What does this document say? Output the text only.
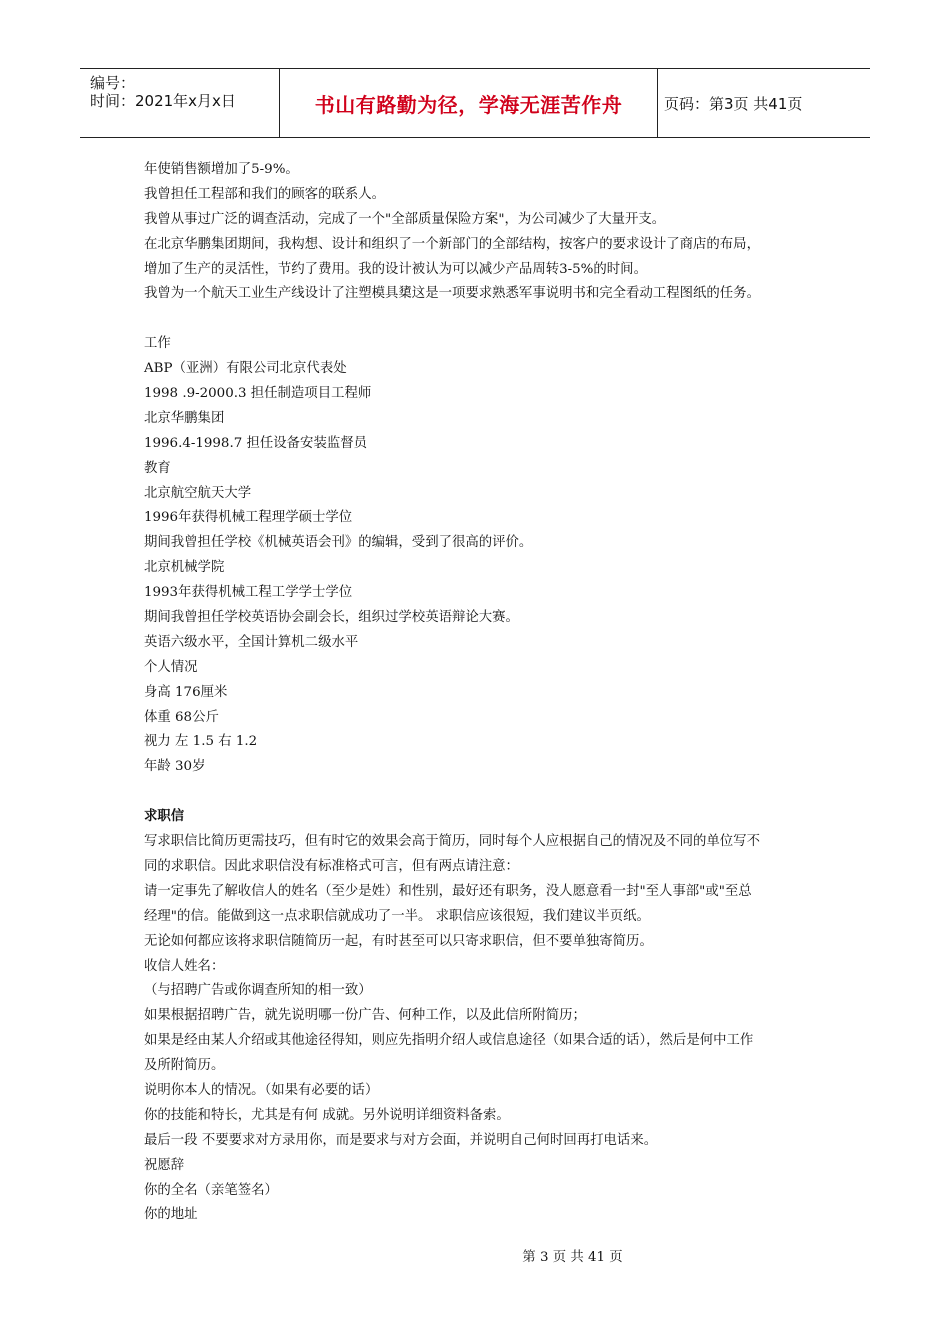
编号：
时间：2021年x月x日	书山有路勤为径，学海无涯苦作舟	页码：第3页 共41页
年使销售额增加了5-9%。
我曾担任工程部和我们的顾客的联系人。
我曾从事过广泛的调查活动，完成了一个"全部质量保险方案"，为公司减少了大量开支。
在北京华鹏集团期间，我构想、设计和组织了一个新部门的全部结构，按客户的要求设计了商店的布局，
增加了生产的灵活性，节约了费用。我的设计被认为可以减少产品周转3-5%的时间。
我曾为一个航天工业生产线设计了注塑模具橥这是一项要求熟悉军事说明书和完全看动工程图纸的任务。
工作
ABP（亚洲）有限公司北京代表处
1998 .9-2000.3 担任制造项目工程师
北京华鹏集团
1996.4-1998.7 担任设备安装监督员
教育
北京航空航天大学
1996年获得机械工程理学硕士学位
期间我曾担任学校《机械英语会刊》的编辑，受到了很高的评价。
北京机械学院
1993年获得机械工程工学学士学位
期间我曾担任学校英语协会副会长，组织过学校英语辩论大赛。
英语六级水平，全国计算机二级水平
个人情况
身高 176厘米
体重 68公斤
视力 左 1.5 右 1.2
年龄 30岁
求职信
写求职信比简历更需技巧，但有时它的效果会高于简历，同时每个人应根据自己的情况及不同的单位写不
同的求职信。因此求职信没有标准格式可言，但有两点请注意：
请一定事先了解收信人的姓名（至少是姓）和性别，最好还有职务，没人愿意看一封"至人事部"或"至总
经理"的信。能做到这一点求职信就成功了一半。 求职信应该很短，我们建议半页纸。
无论如何都应该将求职信随简历一起，有时甚至可以只寄求职信，但不要单独寄简历。
收信人姓名：
（与招聘广告或你调查所知的相一致）
如果根据招聘广告，就先说明哪一份广告、何种工作，以及此信所附简历；
如果是经由某人介绍或其他途径得知，则应先指明介绍人或信息途径（如果合适的话），然后是何中工作
及所附简历。
说明你本人的情况。（如果有必要的话）
你的技能和特长，尤其是有何 成就。另外说明详细资料备索。
最后一段 不要要求对方录用你，而是要求与对方会面，并说明自己何时回再打电话来。
祝愿辞
你的全名（亲笔签名）
你的地址
第 3 页 共 41 页
